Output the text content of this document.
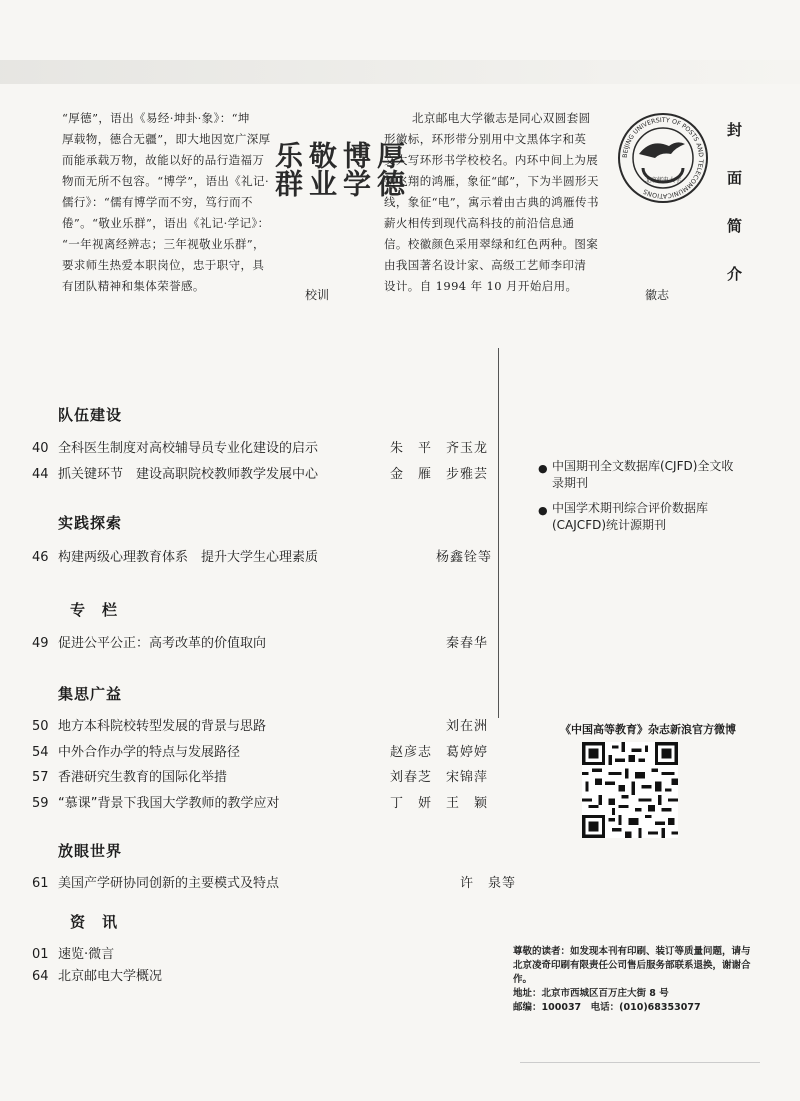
封
面
简
介
“厚德”，语出《易经·坤卦·象》：“坤
厚载物，德合无疆”，即大地因宽广深厚
而能承载万物，故能以好的品行造福万
物而无所不包容。“博学”，语出《礼记·
儒行》：“儒有博学而不穷，笃行而不
倦”。“敬业乐群”，语出《礼记·学记》：
“一年视离经辨志；三年视敬业乐群”，
要求师生热爱本职岗位，忠于职守，具
有团队精神和集体荣誉感。
厚德
博学
敬业
乐群
校训
北京邮电大学徽志是同心双圆套圆
形徽标，环形带分别用中文黑体字和英
文大写环形书学校校名。内环中间上为展
翅飞翔的鸿雁，象征“邮”，下为半圆形天
线，象征“电”，寓示着由古典的鸿雁传书
薪火相传到现代高科技的前沿信息通
信。校徽颜色采用翠绿和红色两种。图案
由我国著名设计家、高级工艺师李印清
设计。自 1994 年 10 月开始启用。
BEIJING UNIVERSITY OF POSTS AND TELECOMMUNICATIONS
北京邮电大学
徽志
队伍建设
40 全科医生制度对高校辅导员专业化建设的启示	朱　平　齐玉龙
44 抓关键环节　建设高职院校教师教学发展中心	金　雁　步雅芸
实践探索
46 构建两级心理教育体系　提升大学生心理素质	杨鑫铨等
专　栏
49 促进公平公正：高考改革的价值取向	秦春华
集思广益
50 地方本科院校转型发展的背景与思路	刘在洲
54 中外合作办学的特点与发展路径	赵彦志　葛婷婷
57 香港研究生教育的国际化举措	刘春芝　宋锦萍
59 “慕课”背景下我国大学教师的教学应对	丁　妍　王　颖
放眼世界
61 美国产学研协同创新的主要模式及特点	许　泉等
资　讯
01 速览·微言
64 北京邮电大学概况
● 中国期刊全文数据库(CJFD)全文收录期刊
● 中国学术期刊综合评价数据库(CAJCFD)统计源期刊
《中国高等教育》杂志新浪官方微博
尊敬的读者：如发现本刊有印刷、装订等质量问题，请与北京凌奇印刷有限责任公司售后服务部联系退换，谢谢合作。
地址：北京市西城区百万庄大街 8 号
邮编：100037　电话：(010)68353077
